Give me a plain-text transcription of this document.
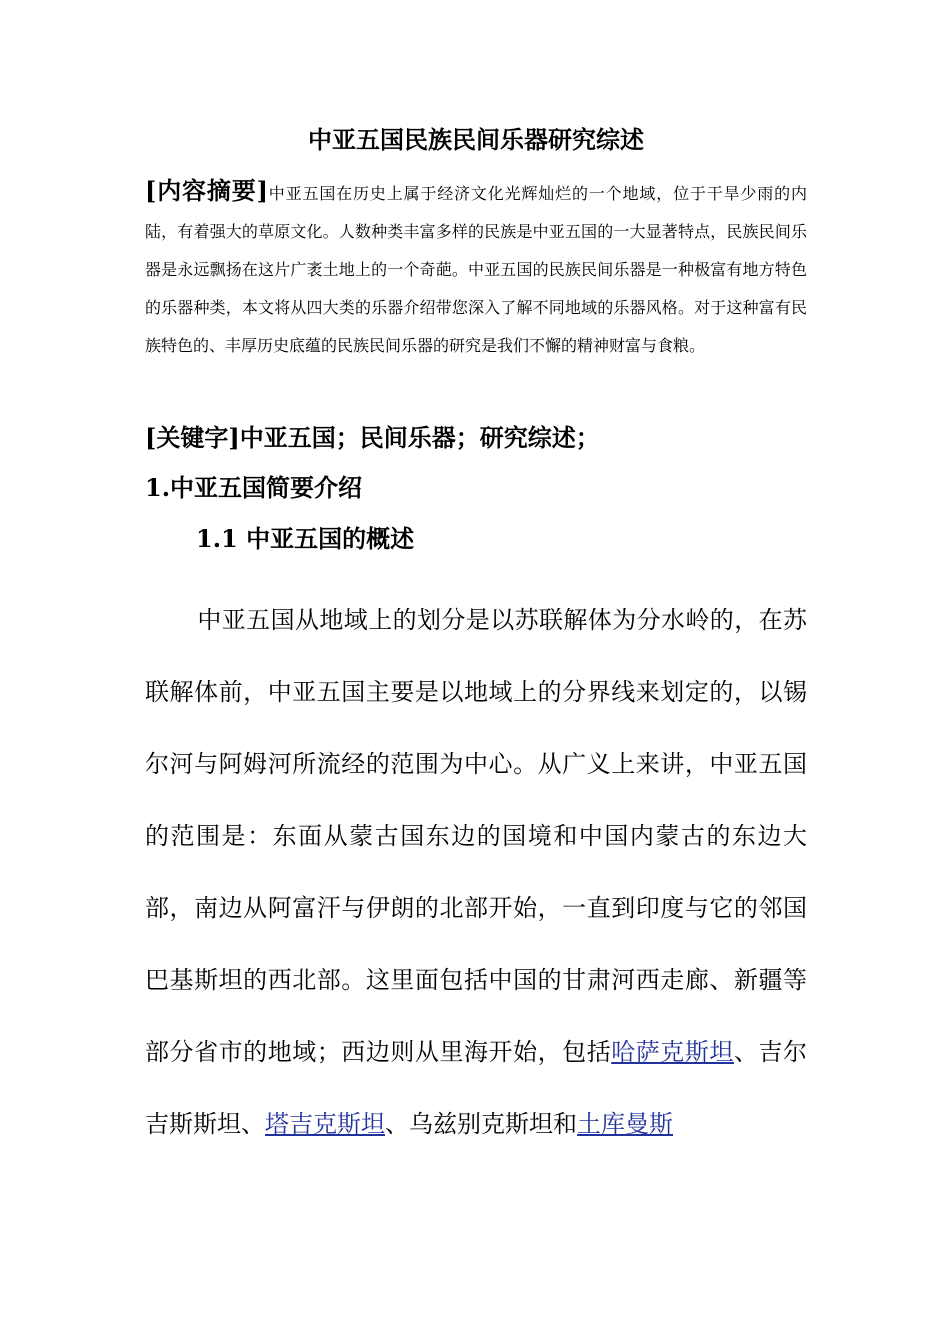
中亚五国民族民间乐器研究综述

[内容摘要]中亚五国在历史上属于经济文化光辉灿烂的一个地域，位于干旱少雨的内陆，有着强大的草原文化。人数种类丰富多样的民族是中亚五国的一大显著特点，民族民间乐器是永远飘扬在这片广袤土地上的一个奇葩。中亚五国的民族民间乐器是一种极富有地方特色的乐器种类，本文将从四大类的乐器介绍带您深入了解不同地域的乐器风格。对于这种富有民族特色的、丰厚历史底蕴的民族民间乐器的研究是我们不懈的精神财富与食粮。

[关键字]中亚五国；民间乐器；研究综述；

1.中亚五国简要介绍
1.1 中亚五国的概述

中亚五国从地域上的划分是以苏联解体为分水岭的，在苏联解体前，中亚五国主要是以地域上的分界线来划定的，以锡尔河与阿姆河所流经的范围为中心。从广义上来讲，中亚五国的范围是：东面从蒙古国东边的国境和中国内蒙古的东边大部，南边从阿富汗与伊朗的北部开始，一直到印度与它的邻国巴基斯坦的西北部。这里面包括中国的甘肃河西走廊、新疆等部分省市的地域；西边则从里海开始，包括哈萨克斯坦、吉尔吉斯斯坦、塔吉克斯坦、乌兹别克斯坦和土库曼斯
